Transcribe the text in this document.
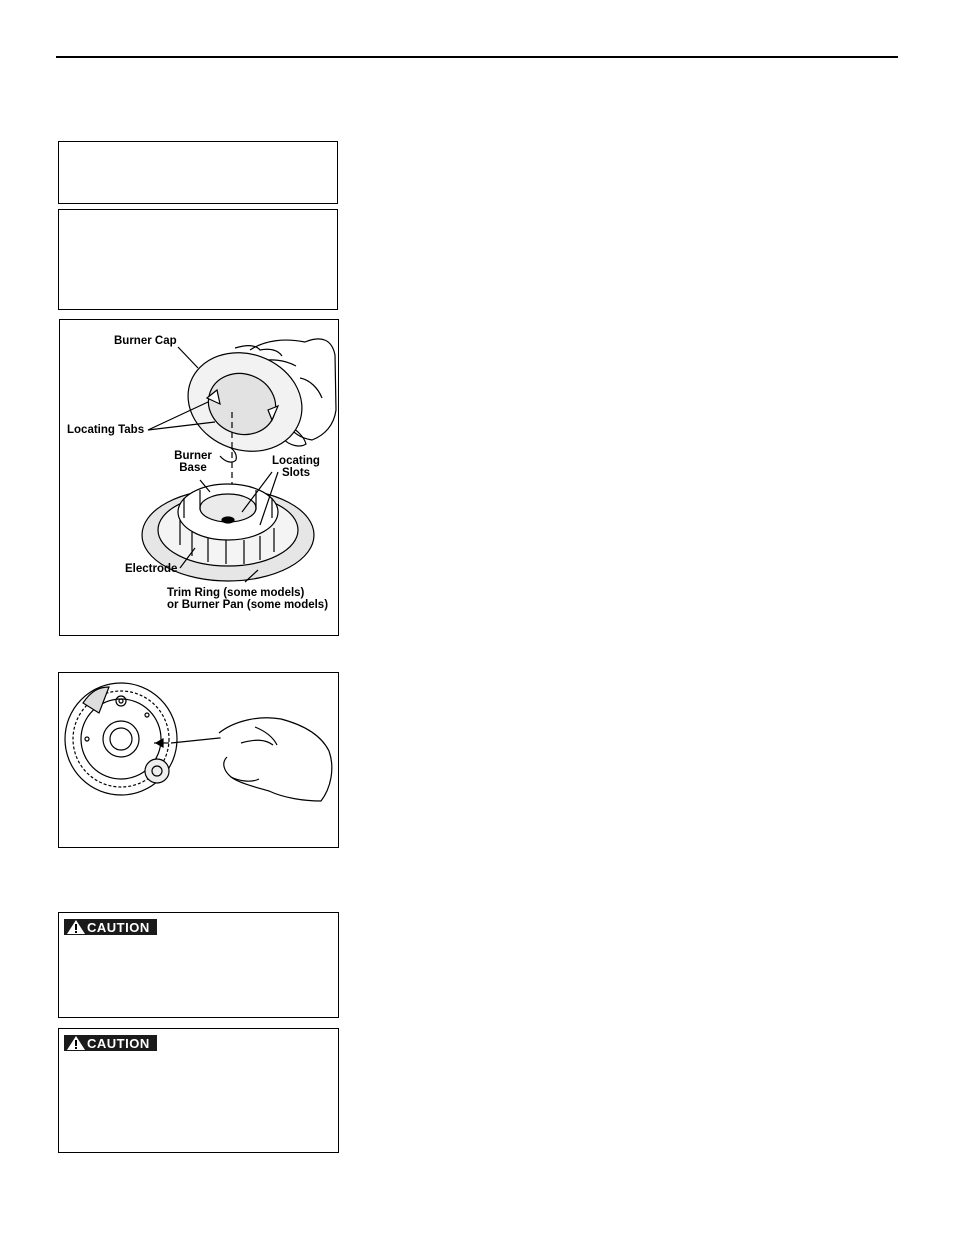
Burner Cap
Locating Tabs
Burner
Base
Locating
Slots
Electrode
Trim Ring (some models)
or Burner Pan (some models)
CAUTION
CAUTION
